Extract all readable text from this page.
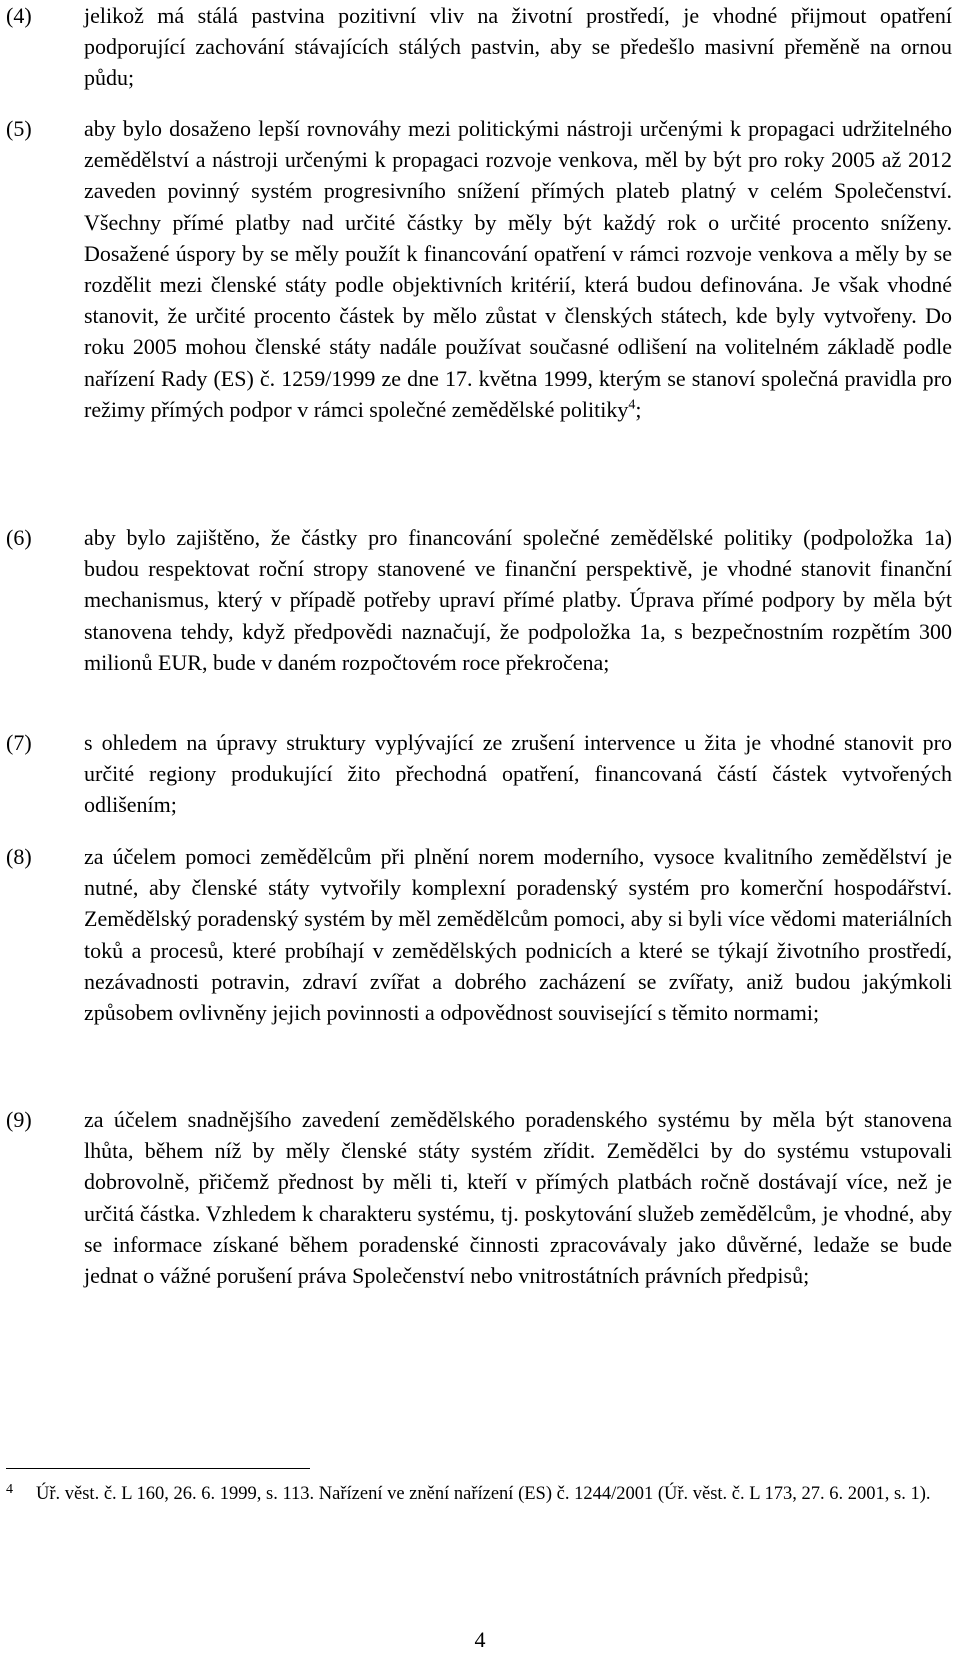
(4) jelikož má stálá pastvina pozitivní vliv na životní prostředí, je vhodné přijmout opatření podporující zachování stávajících stálých pastvin, aby se předešlo masivní přeměně na ornou půdu;
(5) aby bylo dosaženo lepší rovnováhy mezi politickými nástroji určenými k propagaci udržitelného zemědělství a nástroji určenými k propagaci rozvoje venkova, měl by být pro roky 2005 až 2012 zaveden povinný systém progresivního snížení přímých plateb platný v celém Společenství. Všechny přímé platby nad určité částky by měly být každý rok o určité procento sníženy. Dosažené úspory by se měly použít k financování opatření v rámci rozvoje venkova a měly by se rozdělit mezi členské státy podle objektivních kritérií, která budou definována. Je však vhodné stanovit, že určité procento částek by mělo zůstat v členských státech, kde byly vytvořeny. Do roku 2005 mohou členské státy nadále používat současné odlišení na volitelném základě podle nařízení Rady (ES) č. 1259/1999 ze dne 17. května 1999, kterým se stanoví společná pravidla pro režimy přímých podpor v rámci společné zemědělské politiky$^4$;
(6) aby bylo zajištěno, že částky pro financování společné zemědělské politiky (podpoložka 1a) budou respektovat roční stropy stanovené ve finanční perspektivě, je vhodné stanovit finanční mechanismus, který v případě potřeby upraví přímé platby. Úprava přímé podpory by měla být stanovena tehdy, když předpovědi naznačují, že podpoložka 1a, s bezpečnostním rozpětím 300 milionů EUR, bude v daném rozpočtovém roce překročena;
(7) s ohledem na úpravy struktury vyplývající ze zrušení intervence u žita je vhodné stanovit pro určité regiony produkující žito přechodná opatření, financovaná částí částek vytvořených odlišením;
(8) za účelem pomoci zemědělcům při plnění norem moderního, vysoce kvalitního zemědělství je nutné, aby členské státy vytvořily komplexní poradenský systém pro komerční hospodářství. Zemědělský poradenský systém by měl zemědělcům pomoci, aby si byli více vědomi materiálních toků a procesů, které probíhají v zemědělských podnicích a které se týkají životního prostředí, nezávadnosti potravin, zdraví zvířat a dobrého zacházení se zvířaty, aniž budou jakýmkoli způsobem ovlivněny jejich povinnosti a odpovědnost související s těmito normami;
(9) za účelem snadnějšího zavedení zemědělského poradenského systému by měla být stanovena lhůta, během níž by měly členské státy systém zřídit. Zemědělci by do systému vstupovali dobrovolně, přičemž přednost by měli ti, kteří v přímých platbách ročně dostávají více, než je určitá částka. Vzhledem k charakteru systému, tj. poskytování služeb zemědělcům, je vhodné, aby se informace získané během poradenské činnosti zpracovávaly jako důvěrné, ledaže se bude jednat o vážné porušení práva Společenství nebo vnitrostátních právních předpisů;
4 Úř. věst. č. L 160, 26. 6. 1999, s. 113. Nařízení ve znění nařízení (ES) č. 1244/2001 (Úř. věst. č. L 173, 27. 6. 2001, s. 1).
4
